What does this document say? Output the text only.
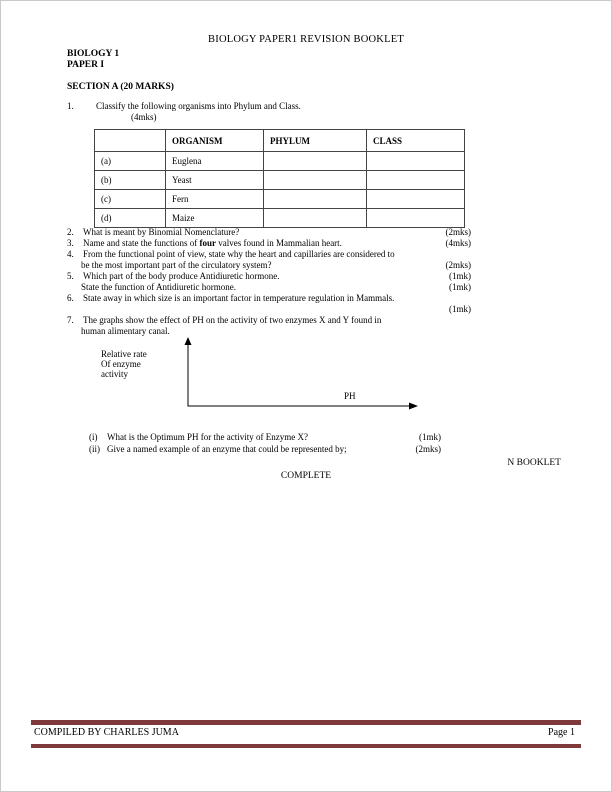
BIOLOGY PAPER1 REVISION BOOKLET
BIOLOGY 1
PAPER I
SECTION A (20 MARKS)
1.	Classify the following organisms into Phylum and Class.
(4mks)
	ORGANISM	PHYLUM	CLASS
(a)	Euglena		
(b)	Yeast		
(c)	Fern		
(d)	Maize		
2.	What is meant by Binomial Nomenclature?	(2mks)
3.	Name and state the functions of four valves found in Mammalian heart.	(4mks)
4.	From the functional point of view, state why the heart and capillaries are considered to
be the most important part of the circulatory system?	(2mks)
5.	Which part of the body produce Antidiuretic hormone.	(1mk)
State the function of Antidiuretic hormone.	(1mk)
6.	State away in which size is an important factor in temperature regulation in Mammals.
(1mk)
7.	The graphs show the effect of PH on the activity of two enzymes X and Y found in
human alimentary canal.
Relative rate
Of enzyme
activity
PH
(i)	What is the Optimum PH for the activity of Enzyme X?	(1mk)
(ii) Give a named example of an enzyme that could be represented by;	(2mks)
N BOOKLET
COMPLETE
COMPILED BY CHARLES JUMA	Page 1
